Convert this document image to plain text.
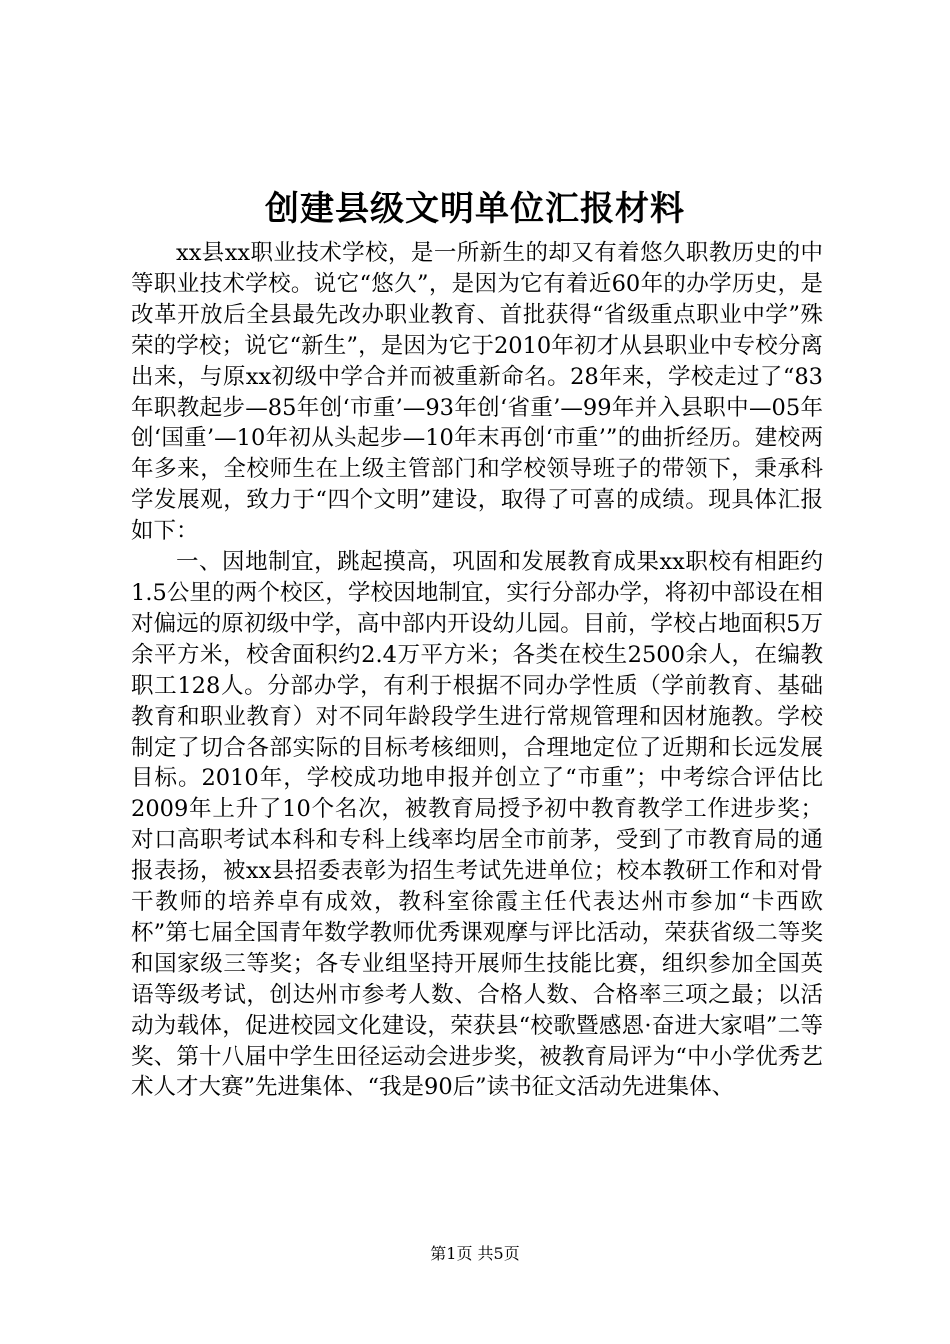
创建县级文明单位汇报材料

xx县xx职业技术学校，是一所新生的却又有着悠久职教历史的中等职业技术学校。说它“悠久”，是因为它有着近60年的办学历史，是改革开放后全县最先改办职业教育、首批获得“省级重点职业中学”殊荣的学校；说它“新生”，是因为它于2010年初才从县职业中专校分离出来，与原xx初级中学合并而被重新命名。28年来，学校走过了“83年职教起步—85年创‘市重’—93年创‘省重’—99年并入县职中—05年创‘国重’—10年初从头起步—10年末再创‘市重’”的曲折经历。建校两年多来，全校师生在上级主管部门和学校领导班子的带领下，秉承科学发展观，致力于“四个文明”建设，取得了可喜的成绩。现具体汇报如下：

一、因地制宜，跳起摸高，巩固和发展教育成果xx职校有相距约1.5公里的两个校区，学校因地制宜，实行分部办学，将初中部设在相对偏远的原初级中学，高中部内开设幼儿园。目前，学校占地面积5万余平方米，校舍面积约2.4万平方米；各类在校生2500余人，在编教职工128人。分部办学，有利于根据不同办学性质（学前教育、基础教育和职业教育）对不同年龄段学生进行常规管理和因材施教。学校制定了切合各部实际的目标考核细则，合理地定位了近期和长远发展目标。2010年，学校成功地申报并创立了“市重”；中考综合评估比2009年上升了10个名次，被教育局授予初中教育教学工作进步奖；对口高职考试本科和专科上线率均居全市前茅，受到了市教育局的通报表扬，被xx县招委表彰为招生考试先进单位；校本教研工作和对骨干教师的培养卓有成效，教科室徐霞主任代表达州市参加“卡西欧杯”第七届全国青年数学教师优秀课观摩与评比活动，荣获省级二等奖和国家级三等奖；各专业组坚持开展师生技能比赛，组织参加全国英语等级考试，创达州市参考人数、合格人数、合格率三项之最；以活动为载体，促进校园文化建设，荣获县“校歌暨感恩·奋进大家唱”二等奖、第十八届中学生田径运动会进步奖，被教育局评为“中小学优秀艺术人才大赛”先进集体、“我是90后”读书征文活动先进集体、

第1页 共5页
